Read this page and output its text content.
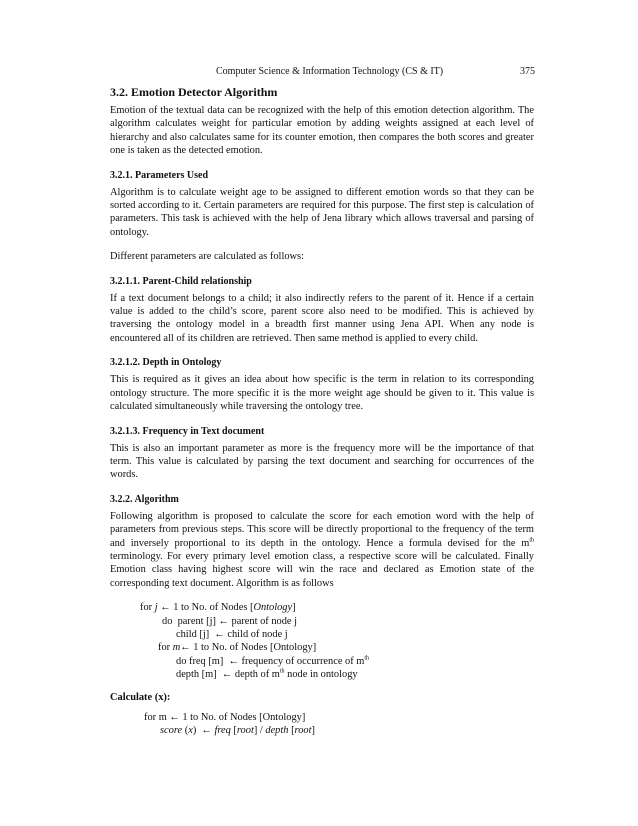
Computer Science & Information Technology (CS & IT)	375
3.2. Emotion Detector Algorithm

Emotion of the textual data can be recognized with the help of this emotion detection algorithm. The algorithm calculates weight for particular emotion by adding weights assigned at each level of hierarchy and also calculates same for its counter emotion, then compares the both scores and greater one is taken as the detected emotion.

3.2.1. Parameters Used

Algorithm is to calculate weight age to be assigned to different emotion words so that they can be sorted according to it. Certain parameters are required for this purpose. The first step is calculation of parameters. This task is achieved with the help of Jena library which allows traversal and parsing of ontology.

Different parameters are calculated as follows:

3.2.1.1. Parent-Child relationship

If a text document belongs to a child; it also indirectly refers to the parent of it. Hence if a certain value is added to the child’s score, parent score also need to be modified. This is achieved by traversing the ontology model in a breadth first manner using Jena API. When any node is encountered all of its children are retrieved. Then same method is applied to every child.

3.2.1.2. Depth in Ontology

This is required as it gives an idea about how specific is the term in relation to its corresponding ontology structure. The more specific it is the more weight age should be given to it. This value is calculated simultaneously while traversing the ontology tree.

3.2.1.3. Frequency in Text document

This is also an important parameter as more is the frequency more will be the importance of that term. This value is calculated by parsing the text document and searching for occurrences of the words.

3.2.2. Algorithm

Following algorithm is proposed to calculate the score for each emotion word with the help of parameters from previous steps. This score will be directly proportional to the frequency of the term and inversely proportional to its depth in the ontology. Hence a formula devised for the $m^{th}$ terminology. For every primary level emotion class, a respective score will be calculated. Finally Emotion class having highest score will win the race and declared as Emotion state of the corresponding text document. Algorithm is as follows

for j ← 1 to No. of Nodes [Ontology]
do  parent [j] ← parent of node j
child [j]  ← child of node j
for m← 1 to No. of Nodes [Ontology]
do freq [m]  ← frequency of occurrence of $m^{th}$
depth [m]  ← depth of $m^{th}$ node in ontology
Calculate (x):
for m ← 1 to No. of Nodes [Ontology]
score (x)  ← freq [root] / depth [root]
